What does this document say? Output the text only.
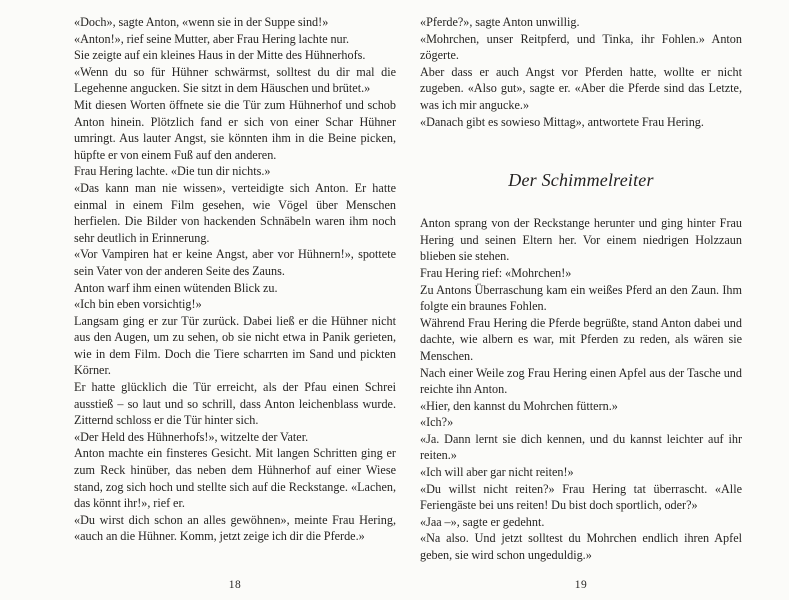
«Doch», sagte Anton, «wenn sie in der Suppe sind!»

«Anton!», rief seine Mutter, aber Frau Hering lachte nur.

Sie zeigte auf ein kleines Haus in der Mitte des Hühnerhofs.

«Wenn du so für Hühner schwärmst, solltest du dir mal die Legehenne angucken. Sie sitzt in dem Häuschen und brütet.»

Mit diesen Worten öffnete sie die Tür zum Hühnerhof und schob Anton hinein. Plötzlich fand er sich von einer Schar Hühner umringt. Aus lauter Angst, sie könnten ihm in die Beine picken, hüpfte er von einem Fuß auf den anderen.

Frau Hering lachte. «Die tun dir nichts.»

«Das kann man nie wissen», verteidigte sich Anton. Er hatte einmal in einem Film gesehen, wie Vögel über Menschen herfielen. Die Bilder von hackenden Schnäbeln waren ihm noch sehr deutlich in Erinnerung.

«Vor Vampiren hat er keine Angst, aber vor Hühnern!», spottete sein Vater von der anderen Seite des Zauns.

Anton warf ihm einen wütenden Blick zu.

«Ich bin eben vorsichtig!»

Langsam ging er zur Tür zurück. Dabei ließ er die Hühner nicht aus den Augen, um zu sehen, ob sie nicht etwa in Panik gerieten, wie in dem Film. Doch die Tiere scharrten im Sand und pickten Körner.

Er hatte glücklich die Tür erreicht, als der Pfau einen Schrei ausstieß – so laut und so schrill, dass Anton leichenblass wurde. Zitternd schloss er die Tür hinter sich.

«Der Held des Hühnerhofs!», witzelte der Vater.

Anton machte ein finsteres Gesicht. Mit langen Schritten ging er zum Reck hinüber, das neben dem Hühnerhof auf einer Wiese stand, zog sich hoch und stellte sich auf die Reckstange. «Lachen, das könnt ihr!», rief er.

«Du wirst dich schon an alles gewöhnen», meinte Frau Hering, «auch an die Hühner. Komm, jetzt zeige ich dir die Pferde.»

18

«Pferde?», sagte Anton unwillig.

«Mohrchen, unser Reitpferd, und Tinka, ihr Fohlen.» Anton zögerte.

Aber dass er auch Angst vor Pferden hatte, wollte er nicht zugeben. «Also gut», sagte er. «Aber die Pferde sind das Letzte, was ich mir angucke.»

«Danach gibt es sowieso Mittag», antwortete Frau Hering.

Der Schimmelreiter

Anton sprang von der Reckstange herunter und ging hinter Frau Hering und seinen Eltern her. Vor einem niedrigen Holzzaun blieben sie stehen.

Frau Hering rief: «Mohrchen!»

Zu Antons Überraschung kam ein weißes Pferd an den Zaun. Ihm folgte ein braunes Fohlen.

Während Frau Hering die Pferde begrüßte, stand Anton dabei und dachte, wie albern es war, mit Pferden zu reden, als wären sie Menschen.

Nach einer Weile zog Frau Hering einen Apfel aus der Tasche und reichte ihn Anton.

«Hier, den kannst du Mohrchen füttern.»

«Ich?»

«Ja. Dann lernt sie dich kennen, und du kannst leichter auf ihr reiten.»

«Ich will aber gar nicht reiten!»

«Du willst nicht reiten?» Frau Hering tat überrascht. «Alle Feriengäste bei uns reiten! Du bist doch sportlich, oder?»

«Jaa –», sagte er gedehnt.

«Na also. Und jetzt solltest du Mohrchen endlich ihren Apfel geben, sie wird schon ungeduldig.»

19
